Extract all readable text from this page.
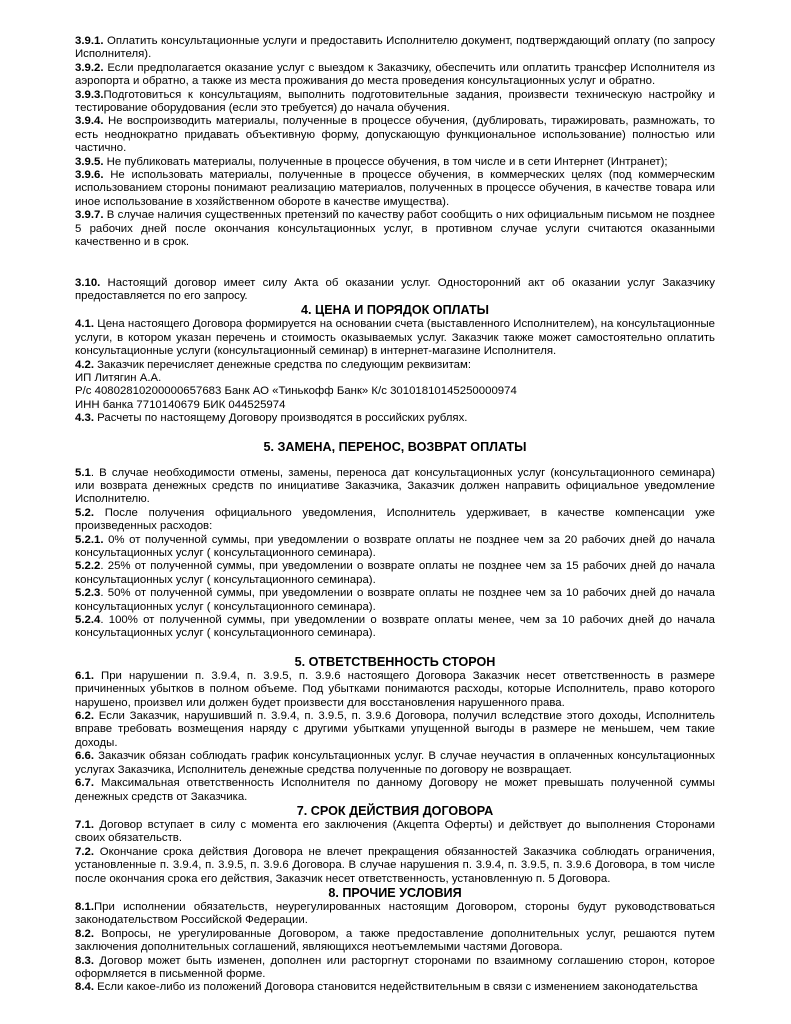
3.9.1. Оплатить консультационные услуги и предоставить Исполнителю документ, подтверждающий оплату (по запросу Исполнителя).

3.9.2. Если предполагается оказание услуг с выездом к Заказчику, обеспечить или оплатить трансфер Исполнителя из аэропорта и обратно, а также из места проживания до места проведения консультационных услуг и обратно.

3.9.3.Подготовиться к консультациям, выполнить подготовительные задания, произвести техническую настройку и тестирование оборудования (если это требуется) до начала обучения.

3.9.4. Не воспроизводить материалы, полученные в процессе обучения, (дублировать, тиражировать, размножать, то есть неоднократно придавать объективную форму, допускающую функциональное использование) полностью или частично.

3.9.5. Не публиковать материалы, полученные в процессе обучения, в том числе и в сети Интернет (Интранет);

3.9.6. Не использовать материалы, полученные в процессе обучения, в коммерческих целях (под коммерческим использованием стороны понимают реализацию материалов, полученных в процессе обучения, в качестве товара или иное использование в хозяйственном обороте в качестве имущества).

3.9.7. В случае наличия существенных претензий по качеству работ сообщить о них официальным письмом не позднее 5 рабочих дней после окончания консультационных услуг, в противном случае услуги считаются оказанными качественно и в срок.

3.10. Настоящий договор имеет силу Акта об оказании услуг. Односторонний акт об оказании услуг Заказчику предоставляется по его запросу.

4. ЦЕНА И ПОРЯДОК ОПЛАТЫ

4.1. Цена настоящего Договора формируется на основании счета (выставленного Исполнителем), на консультационные услуги, в котором указан перечень и стоимость оказываемых услуг. Заказчик также может самостоятельно оплатить консультационные услуги (консультационный семинар) в интернет-магазине Исполнителя.

4.2. Заказчик перечисляет денежные средства по следующим реквизитам:

ИП Литягин А.А.

Р/с 40802810200000657683 Банк АО «Тинькофф Банк» К/с 30101810145250000974

ИНН банка 7710140679 БИК 044525974

4.3. Расчеты по настоящему Договору производятся в российских рублях.

5. ЗАМЕНА, ПЕРЕНОС, ВОЗВРАТ ОПЛАТЫ

5.1. В случае необходимости отмены, замены, переноса дат консультационных услуг (консультационного семинара) или возврата денежных средств по инициативе Заказчика, Заказчик должен направить официальное уведомление Исполнителю.

5.2. После получения официального уведомления, Исполнитель удерживает, в качестве компенсации уже произведенных расходов:

5.2.1. 0% от полученной суммы, при уведомлении о возврате оплаты не позднее чем за 20 рабочих дней до начала консультационных услуг ( консультационного семинара).

5.2.2. 25% от полученной суммы, при уведомлении о возврате оплаты не позднее чем за 15 рабочих дней до начала консультационных услуг ( консультационного семинара).

5.2.3. 50% от полученной суммы, при уведомлении о возврате оплаты не позднее чем за 10 рабочих дней до начала консультационных услуг ( консультационного семинара).

5.2.4. 100% от полученной суммы, при уведомлении о возврате оплаты менее, чем за 10 рабочих дней до начала консультационных услуг ( консультационного семинара).

5. ОТВЕТСТВЕННОСТЬ СТОРОН

6.1. При нарушении п. 3.9.4, п. 3.9.5, п. 3.9.6 настоящего Договора Заказчик несет ответственность в размере причиненных убытков в полном объеме. Под убытками понимаются расходы, которые Исполнитель, право которого нарушено, произвел или должен будет произвести для восстановления нарушенного права.

6.2. Если Заказчик, нарушивший п. 3.9.4, п. 3.9.5, п. 3.9.6 Договора, получил вследствие этого доходы, Исполнитель вправе требовать возмещения наряду с другими убытками упущенной выгоды в размере не меньшем, чем такие доходы.

6.6. Заказчик обязан соблюдать график консультационных услуг. В случае неучастия в оплаченных консультационных услугах Заказчика, Исполнитель денежные средства полученные по договору не возвращает.

6.7. Максимальная ответственность Исполнителя по данному Договору не может превышать полученной суммы денежных средств от Заказчика.

7. СРОК ДЕЙСТВИЯ ДОГОВОРА

7.1. Договор вступает в силу с момента его заключения (Акцепта Оферты) и действует до выполнения Сторонами своих обязательств.

7.2. Окончание срока действия Договора не влечет прекращения обязанностей Заказчика соблюдать ограничения, установленные п. 3.9.4, п. 3.9.5, п. 3.9.6 Договора. В случае нарушения п. 3.9.4, п. 3.9.5, п. 3.9.6 Договора, в том числе после окончания срока его действия, Заказчик несет ответственность, установленную п. 5 Договора.

8. ПРОЧИЕ УСЛОВИЯ

8.1.При исполнении обязательств, неурегулированных настоящим Договором, стороны будут руководствоваться законодательством Российской Федерации.

8.2. Вопросы, не урегулированные Договором, а также предоставление дополнительных услуг, решаются путем заключения дополнительных соглашений, являющихся неотъемлемыми частями Договора.

8.3. Договор может быть изменен, дополнен или расторгнут сторонами по взаимному соглашению сторон, которое оформляется в письменной форме.

8.4. Если какое-либо из положений Договора становится недействительным в связи с изменением законодательства
